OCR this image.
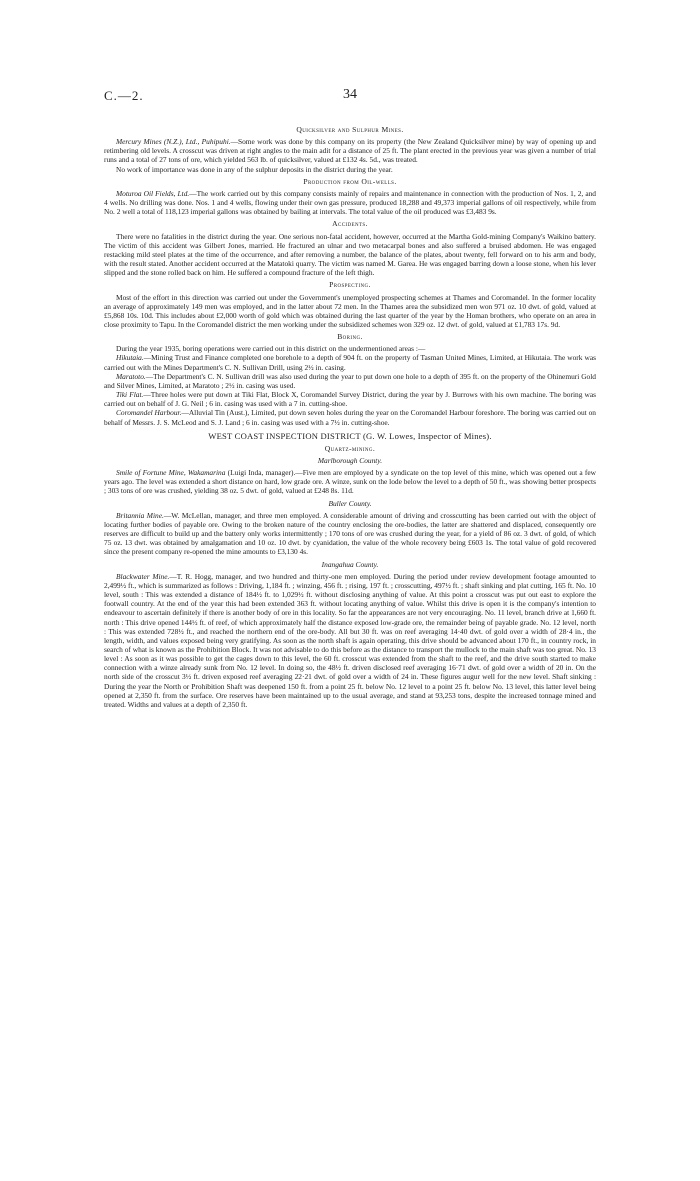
C.—2.	34
Quicksilver and Sulphur Mines.

Mercury Mines (N.Z.), Ltd., Puhipuhi.—Some work was done by this company on its property (the New Zealand Quicksilver mine) by way of opening up and retimbering old levels. A crosscut was driven at right angles to the main adit for a distance of 25 ft. The plant erected in the previous year was given a number of trial runs and a total of 27 tons of ore, which yielded 563 lb. of quicksilver, valued at £132 4s. 5d., was treated.

No work of importance was done in any of the sulphur deposits in the district during the year.

Production from Oil-wells.

Moturoa Oil Fields, Ltd.—The work carried out by this company consists mainly of repairs and maintenance in connection with the production of Nos. 1, 2, and 4 wells. No drilling was done. Nos. 1 and 4 wells, flowing under their own gas pressure, produced 18,288 and 49,373 imperial gallons of oil respectively, while from No. 2 well a total of 118,123 imperial gallons was obtained by bailing at intervals. The total value of the oil produced was £3,483 9s.

Accidents.

There were no fatalities in the district during the year. One serious non-fatal accident, however, occurred at the Martha Gold-mining Company's Waikino battery. The victim of this accident was Gilbert Jones, married. He fractured an ulnar and two metacarpal bones and also suffered a bruised abdomen. He was engaged restacking mild steel plates at the time of the occurrence, and after removing a number, the balance of the plates, about twenty, fell forward on to his arm and body, with the result stated. Another accident occurred at the Matatoki quarry. The victim was named M. Garea. He was engaged barring down a loose stone, when his lever slipped and the stone rolled back on him. He suffered a compound fracture of the left thigh.

Prospecting.

Most of the effort in this direction was carried out under the Government's unemployed prospecting schemes at Thames and Coromandel. In the former locality an average of approximately 149 men was employed, and in the latter about 72 men. In the Thames area the subsidized men won 971 oz. 10 dwt. of gold, valued at £5,868 10s. 10d. This includes about £2,000 worth of gold which was obtained during the last quarter of the year by the Homan brothers, who operate on an area in close proximity to Tapu. In the Coromandel district the men working under the subsidized schemes won 329 oz. 12 dwt. of gold, valued at £1,783 17s. 9d.

Boring.

During the year 1935, boring operations were carried out in this district on the undermentioned areas :—

Hikutaia.—Mining Trust and Finance completed one borehole to a depth of 904 ft. on the property of Tasman United Mines, Limited, at Hikutaia. The work was carried out with the Mines Department's C. N. Sullivan Drill, using 2½ in. casing.

Maratoto.—The Department's C. N. Sullivan drill was also used during the year to put down one hole to a depth of 395 ft. on the property of the Ohinemuri Gold and Silver Mines, Limited, at Maratoto ; 2½ in. casing was used.

Tiki Flat.—Three holes were put down at Tiki Flat, Block X, Coromandel Survey District, during the year by J. Burrows with his own machine. The boring was carried out on behalf of J. G. Neil ; 6 in. casing was used with a 7 in. cutting-shoe.

Coromandel Harbour.—Alluvial Tin (Aust.), Limited, put down seven holes during the year on the Coromandel Harbour foreshore. The boring was carried out on behalf of Messrs. J. S. McLeod and S. J. Land ; 6 in. casing was used with a 7½ in. cutting-shoe.

WEST COAST INSPECTION DISTRICT (G. W. Lowes, Inspector of Mines).
Quartz-mining.
Marlborough County.

Smile of Fortune Mine, Wakamarina (Luigi Inda, manager).—Five men are employed by a syndicate on the top level of this mine, which was opened out a few years ago. The level was extended a short distance on hard, low grade ore. A winze, sunk on the lode below the level to a depth of 50 ft., was showing better prospects ; 303 tons of ore was crushed, yielding 38 oz. 5 dwt. of gold, valued at £248 8s. 11d.

Buller County.

Britannia Mine.—W. McLellan, manager, and three men employed. A considerable amount of driving and crosscutting has been carried out with the object of locating further bodies of payable ore. Owing to the broken nature of the country enclosing the ore-bodies, the latter are shattered and displaced, consequently ore reserves are difficult to build up and the battery only works intermittently ; 170 tons of ore was crushed during the year, for a yield of 86 oz. 3 dwt. of gold, of which 75 oz. 13 dwt. was obtained by amalgamation and 10 oz. 10 dwt. by cyanidation, the value of the whole recovery being £603 1s. The total value of gold recovered since the present company re-opened the mine amounts to £3,130 4s.

Inangahua County.

Blackwater Mine.—T. R. Hogg, manager, and two hundred and thirty-one men employed. During the period under review development footage amounted to 2,499½ ft., which is summarized as follows : Driving, 1,184 ft. ; winzing, 456 ft. ; rising, 197 ft. ; crosscutting, 497½ ft. ; shaft sinking and plat cutting, 165 ft. No. 10 level, south : This was extended a distance of 184½ ft. to 1,029½ ft. without disclosing anything of value. At this point a crosscut was put out east to explore the footwall country. At the end of the year this had been extended 363 ft. without locating anything of value. Whilst this drive is open it is the company's intention to endeavour to ascertain definitely if there is another body of ore in this locality. So far the appearances are not very encouraging. No. 11 level, branch drive at 1,660 ft. north : This drive opened 144½ ft. of reef, of which approximately half the distance exposed low-grade ore, the remainder being of payable grade. No. 12 level, north : This was extended 728½ ft., and reached the northern end of the ore-body. All but 30 ft. was on reef averaging 14·40 dwt. of gold over a width of 28·4 in., the length, width, and values exposed being very gratifying. As soon as the north shaft is again operating, this drive should be advanced about 170 ft., in country rock, in search of what is known as the Prohibition Block. It was not advisable to do this before as the distance to transport the mullock to the main shaft was too great. No. 13 level : As soon as it was possible to get the cages down to this level, the 60 ft. crosscut was extended from the shaft to the reef, and the drive south started to make connection with a winze already sunk from No. 12 level. In doing so, the 48½ ft. driven disclosed reef averaging 16·71 dwt. of gold over a width of 20 in. On the north side of the crosscut 3½ ft. driven exposed reef averaging 22·21 dwt. of gold over a width of 24 in. These figures augur well for the new level. Shaft sinking : During the year the North or Prohibition Shaft was deepened 150 ft. from a point 25 ft. below No. 12 level to a point 25 ft. below No. 13 level, this latter level being opened at 2,350 ft. from the surface. Ore reserves have been maintained up to the usual average, and stand at 93,253 tons, despite the increased tonnage mined and treated. Widths and values at a depth of 2,350 ft.
